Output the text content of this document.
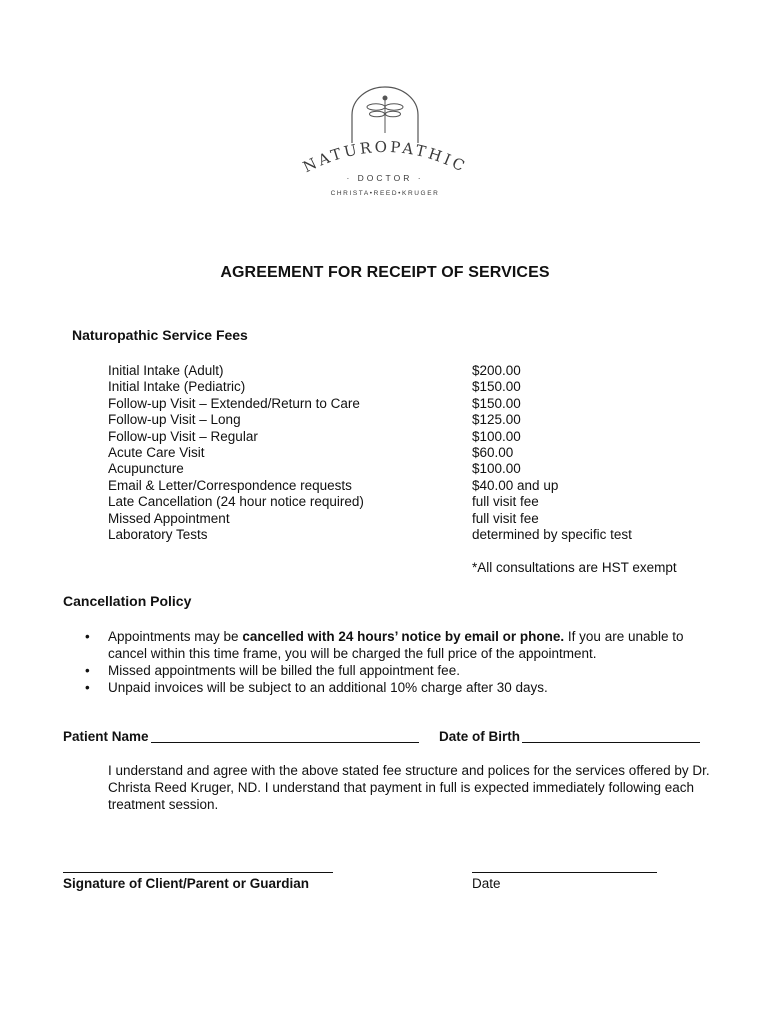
NATUROPATHIC
· DOCTOR ·
CHRISTA•REED•KRUGER
AGREEMENT FOR RECEIPT OF SERVICES
Naturopathic Service Fees
Initial Intake (Adult)	$200.00
Initial Intake (Pediatric)	$150.00
Follow-up Visit – Extended/Return to Care	$150.00
Follow-up Visit – Long	$125.00
Follow-up Visit – Regular	$100.00
Acute Care Visit	$60.00
Acupuncture	$100.00
Email & Letter/Correspondence requests	$40.00 and up
Late Cancellation (24 hour notice required)	full visit fee
Missed Appointment	full visit fee
Laboratory Tests	determined by specific test
*All consultations are HST exempt
Cancellation Policy
• Appointments may be cancelled with 24 hours’ notice by email or phone. If you are unable to cancel within this time frame, you will be charged the full price of the appointment.
• Missed appointments will be billed the full appointment fee.
• Unpaid invoices will be subject to an additional 10% charge after 30 days.
Patient Name	Date of Birth
I understand and agree with the above stated fee structure and polices for the services offered by Dr. Christa Reed Kruger, ND. I understand that payment in full is expected immediately following each treatment session.
Signature of Client/Parent or Guardian	Date
